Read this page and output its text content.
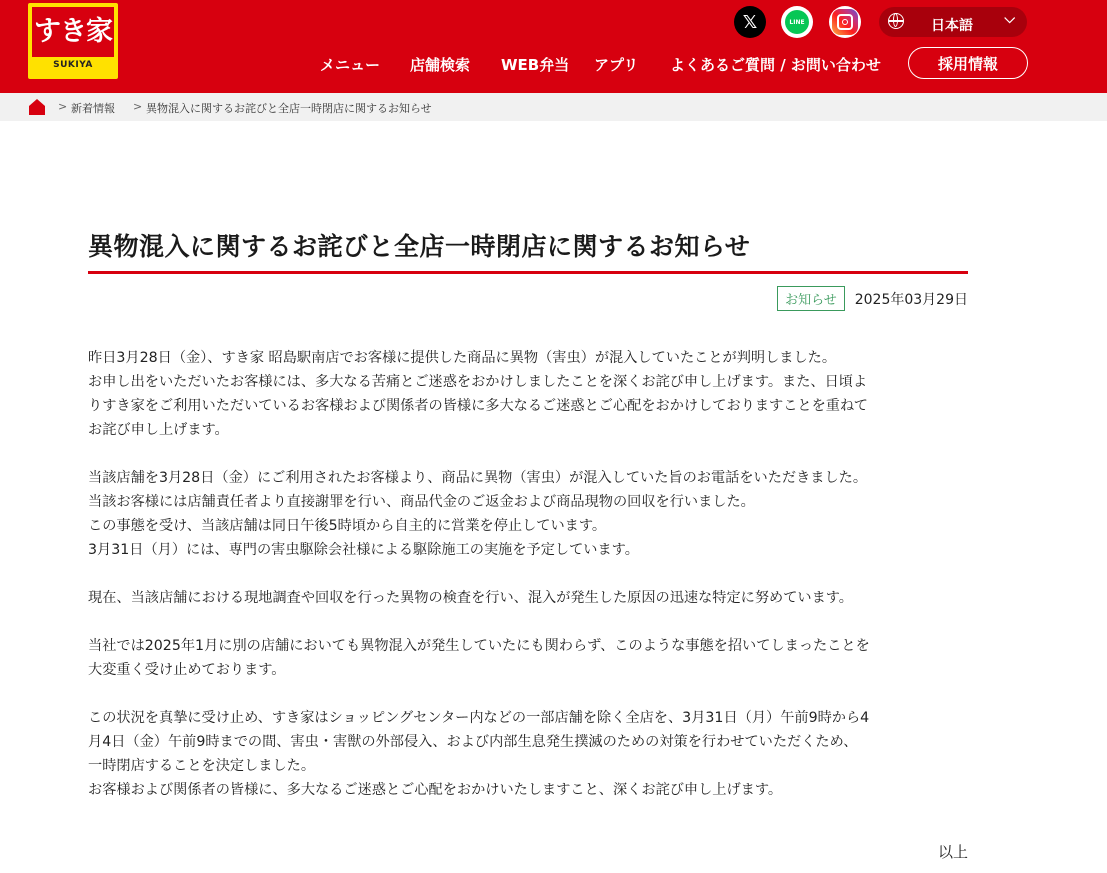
すき家
SUKIYA
𝕏	LINE	日本語 ⌵
メニュー 店舗検索 WEB弁当 アプリ よくあるご質問 / お問い合わせ	採用情報
> 新着情報 > 異物混入に関するお詫びと全店一時閉店に関するお知らせ
異物混入に関するお詫びと全店一時閉店に関するお知らせ
お知らせ	2025年03月29日

昨日3月28日（金）、すき家 昭島駅南店でお客様に提供した商品に異物（害虫）が混入していたことが判明しました。
お申し出をいただいたお客様には、多大なる苦痛とご迷惑をおかけしましたことを深くお詫び申し上げます。また、日頃よ
りすき家をご利用いただいているお客様および関係者の皆様に多大なるご迷惑とご心配をおかけしておりますことを重ねて
お詫び申し上げます。

当該店舗を3月28日（金）にご利用されたお客様より、商品に異物（害虫）が混入していた旨のお電話をいただきました。
当該お客様には店舗責任者より直接謝罪を行い、商品代金のご返金および商品現物の回収を行いました。
この事態を受け、当該店舗は同日午後5時頃から自主的に営業を停止しています。
3月31日（月）には、専門の害虫駆除会社様による駆除施工の実施を予定しています。

現在、当該店舗における現地調査や回収を行った異物の検査を行い、混入が発生した原因の迅速な特定に努めています。

当社では2025年1月に別の店舗においても異物混入が発生していたにも関わらず、このような事態を招いてしまったことを
大変重く受け止めております。

この状況を真摯に受け止め、すき家はショッピングセンター内などの一部店舗を除く全店を、3月31日（月）午前9時から4
月4日（金）午前9時までの間、害虫・害獣の外部侵入、および内部生息発生撲滅のための対策を行わせていただくため、
一時閉店することを決定しました。
お客様および関係者の皆様に、多大なるご迷惑とご心配をおかけいたしますこと、深くお詫び申し上げます。

以上
